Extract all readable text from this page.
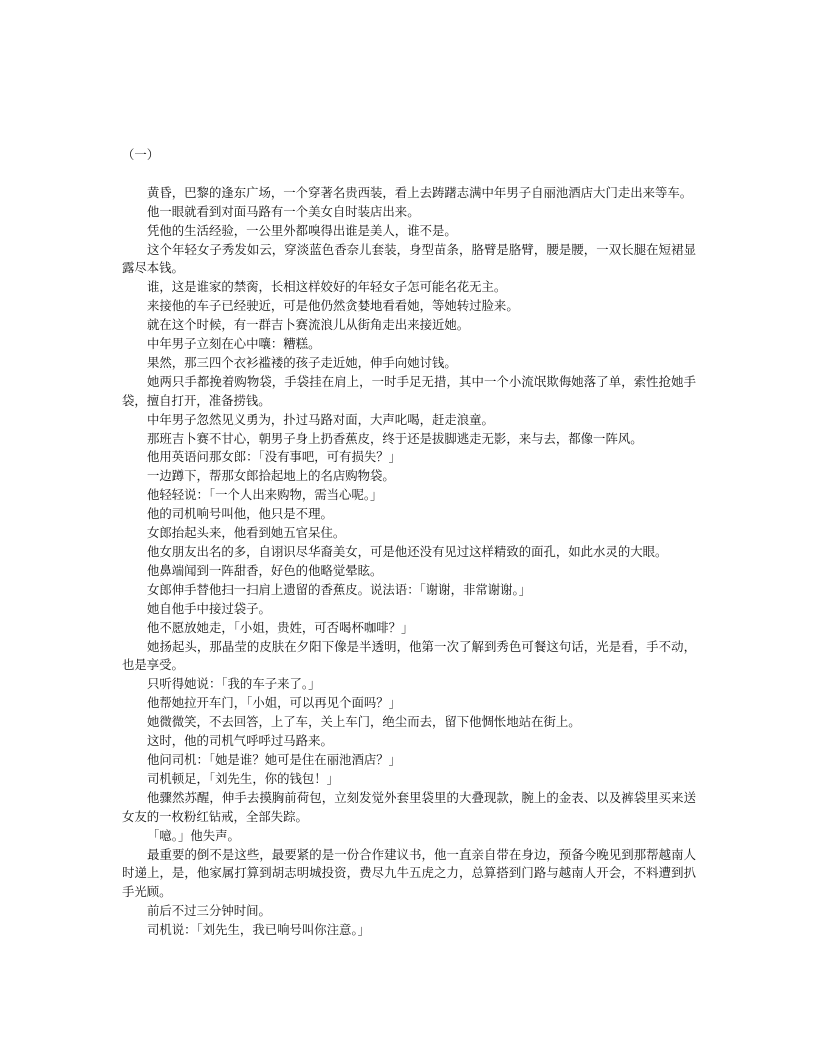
（一）

黄昏，巴黎的逢东广场，一个穿著名贵西装，看上去踌躇志满中年男子自丽池酒店大门走出来等车。

他一眼就看到对面马路有一个美女自时装店出来。

凭他的生活经验，一公里外都嗅得出谁是美人，谁不是。

这个年轻女子秀发如云，穿淡蓝色香奈儿套装，身型苗条，胳臂是胳臂，腰是腰，一双长腿在短裙显露尽本钱。

谁，这是谁家的禁脔，长相这样姣好的年轻女子怎可能名花无主。

来接他的车子已经驶近，可是他仍然贪婪地看看她，等她转过脸来。

就在这个时候，有一群吉卜赛流浪儿从街角走出来接近她。

中年男子立刻在心中嚷：糟糕。

果然，那三四个衣衫褴褛的孩子走近她，伸手向她讨钱。

她两只手都挽着购物袋，手袋挂在肩上，一时手足无措，其中一个小流氓欺侮她落了单，索性抢她手袋，擅自打开，准备捞钱。

中年男子忽然见义勇为，扑过马路对面，大声叱喝，赶走浪童。

那班吉卜赛不甘心，朝男子身上扔香蕉皮，终于还是拔脚逃走无影，来与去，都像一阵风。

他用英语问那女郎：「没有事吧，可有损失？」

一边蹲下，帮那女郎拾起地上的名店购物袋。

他轻轻说：「一个人出来购物，需当心呢。」

他的司机响号叫他，他只是不理。

女郎抬起头来，他看到她五官呆住。

他女朋友出名的多，自诩识尽华裔美女，可是他还没有见过这样精致的面孔，如此水灵的大眼。

他鼻端闻到一阵甜香，好色的他略觉晕眩。

女郎伸手替他扫一扫肩上遗留的香蕉皮。说法语：「谢谢，非常谢谢。」

她自他手中接过袋子。

他不愿放她走，「小姐，贵姓，可否喝杯咖啡？」

她扬起头，那晶莹的皮肤在夕阳下像是半透明，他第一次了解到秀色可餐这句话，光是看，手不动，也是享受。

只听得她说：「我的车子来了。」

他帮她拉开车门，「小姐，可以再见个面吗？」

她微微笑，不去回答，上了车，关上车门，绝尘而去，留下他惆怅地站在街上。

这时，他的司机气呼呼过马路来。

他问司机：「她是谁？她可是住在丽池酒店？」

司机顿足，「刘先生，你的钱包！」

他骤然苏醒，伸手去摸胸前荷包，立刻发觉外套里袋里的大叠现款，腕上的金表、以及裤袋里买来送女友的一枚粉红钻戒，全部失踪。

「噫。」他失声。

最重要的倒不是这些，最要紧的是一份合作建议书，他一直亲自带在身边，预备今晚见到那帮越南人时递上，是，他家属打算到胡志明城投资，费尽九牛五虎之力，总算搭到门路与越南人开会，不料遭到扒手光顾。

前后不过三分钟时间。

司机说：「刘先生，我已响号叫你注意。」
